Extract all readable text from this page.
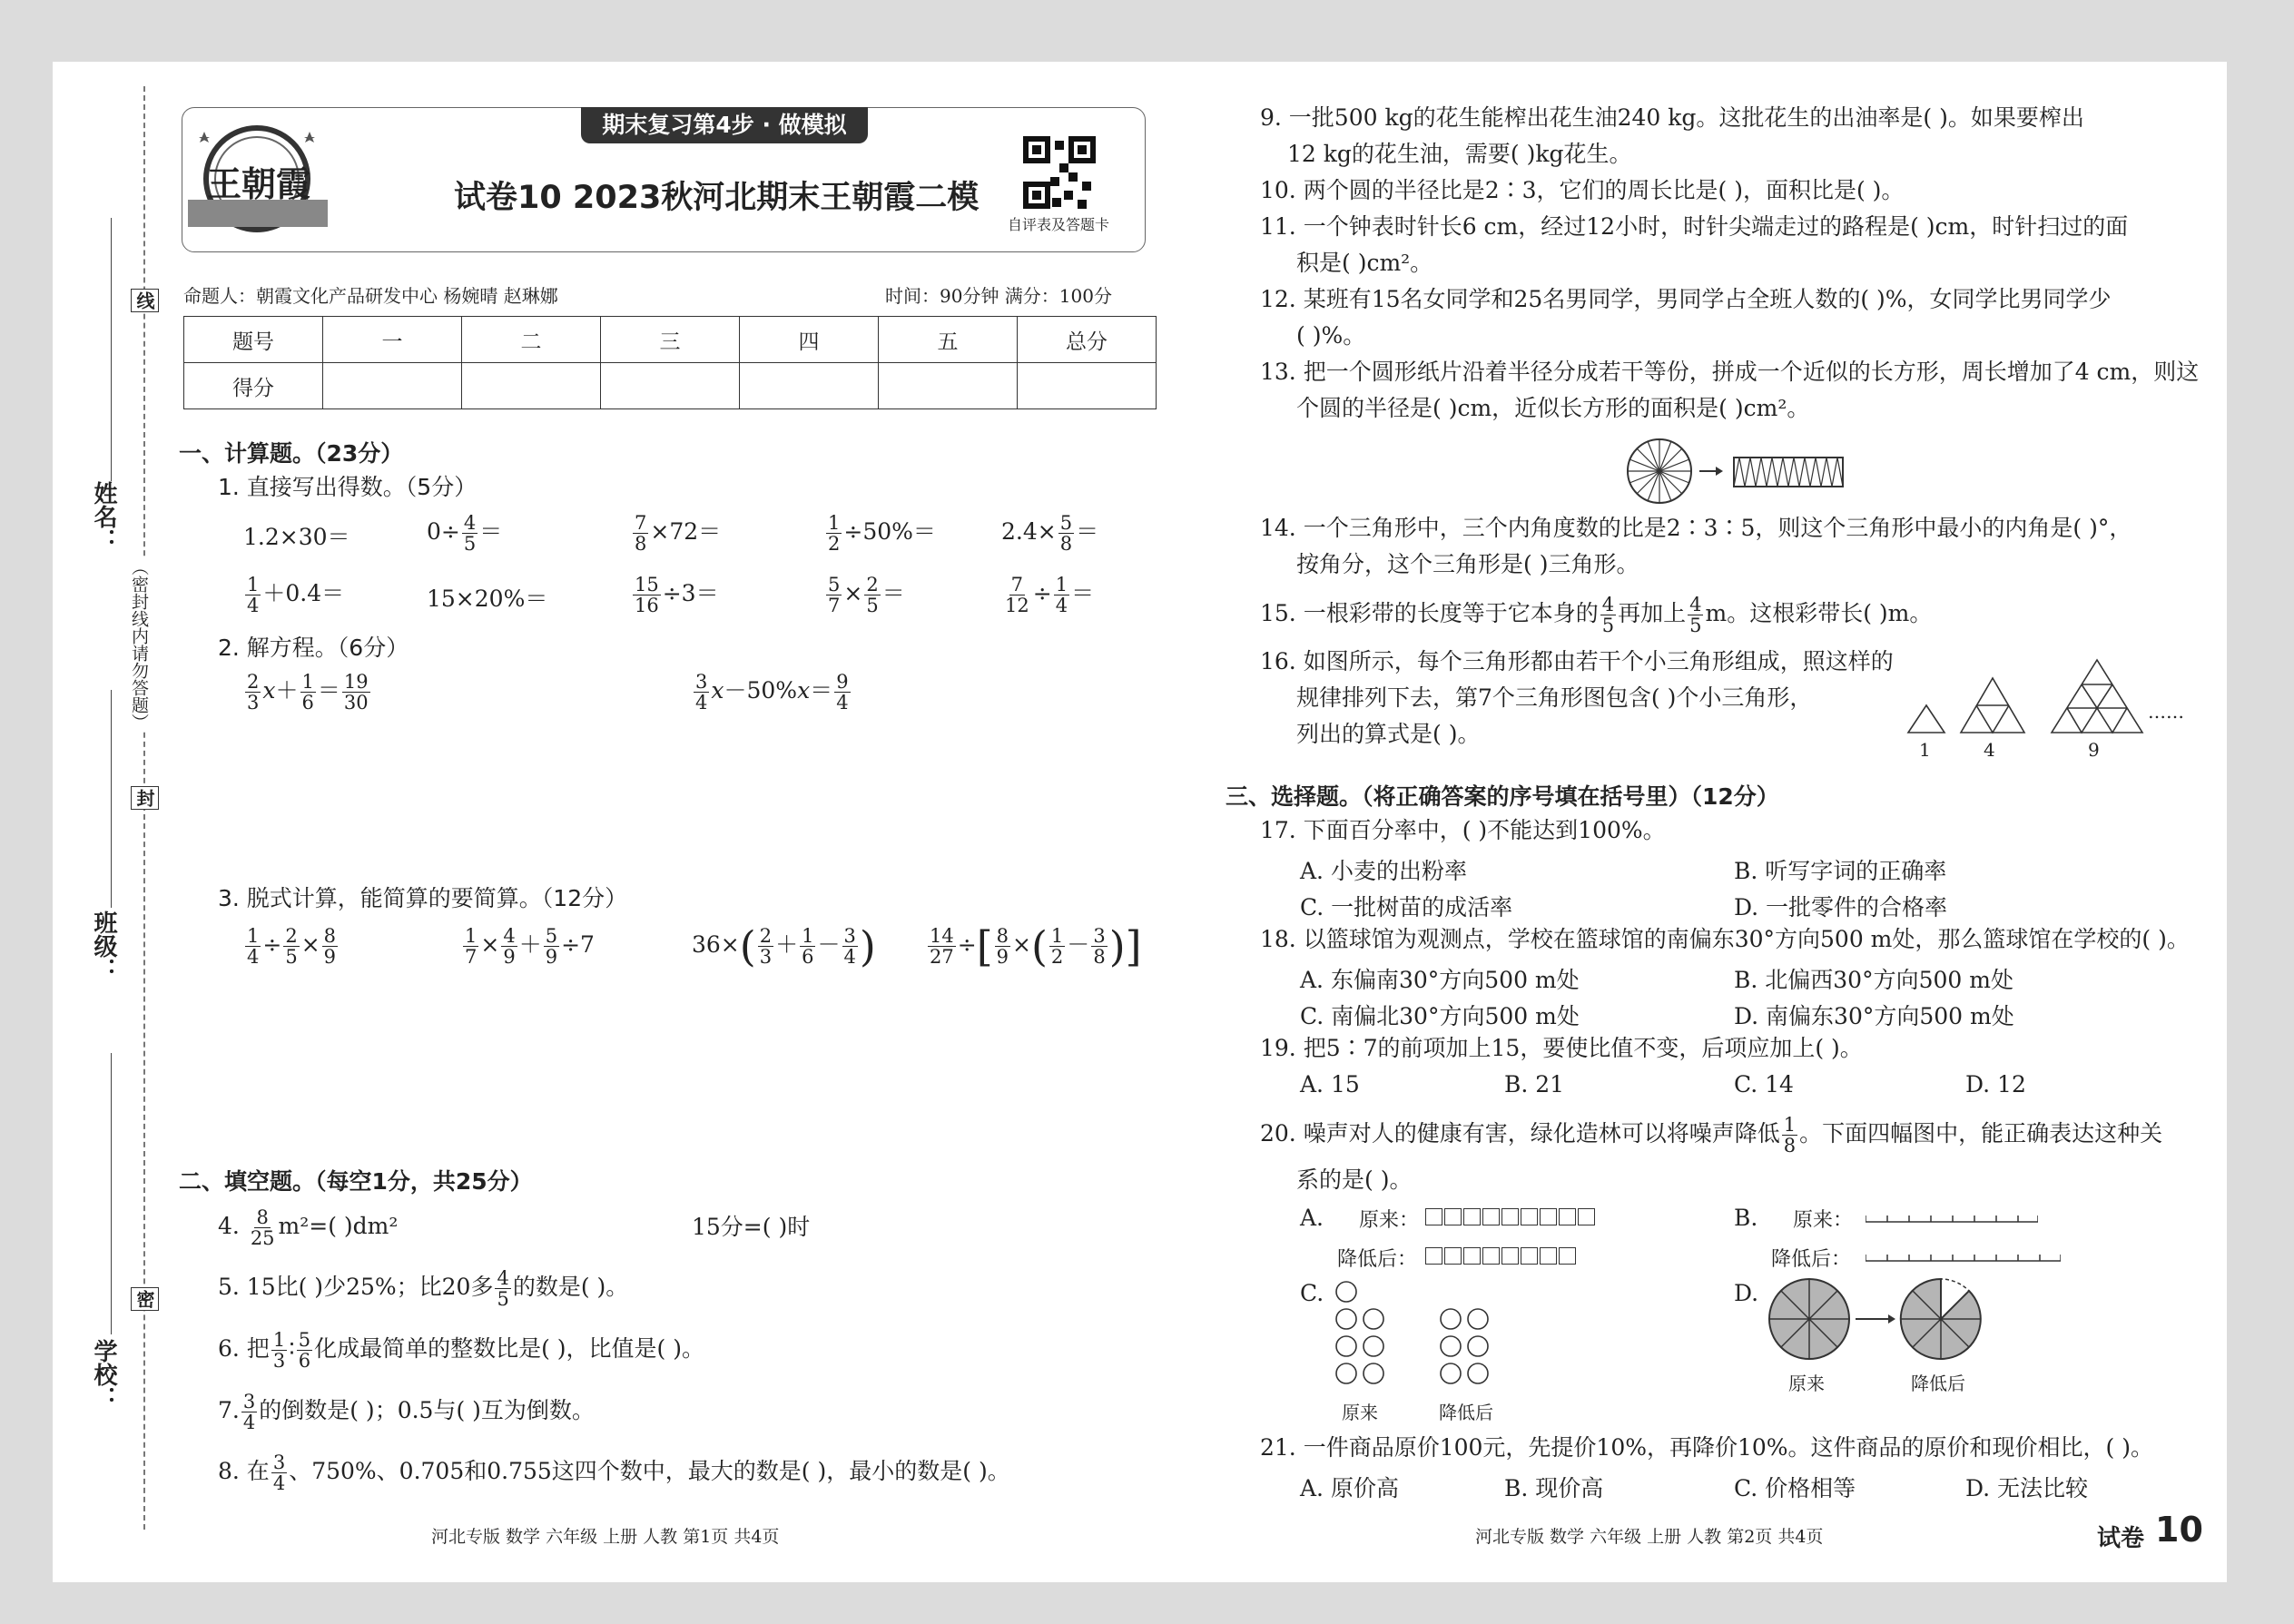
线
封
密
（密封线内请勿答题）
姓名：
班级：
学校：
期末复习第4步 · 做模拟
王朝霞	试卷10 2023秋河北期末王朝霞二模
自评表及答题卡
命题人：朝霞文化产品研发中心 杨婉晴 赵琳娜	时间：90分钟 满分：100分
题号	一	二	三	四	五	总分
得分						
一、计算题。（23分）
1. 直接写出得数。（5分）
1.2×30＝	$0\div \frac{4}{5}$ ＝	$\frac{7}{8} \times 72=$	$\frac{1}{2} \div 50\%=$	$2.4\times \frac{5}{8}$ ＝
$\frac{1}{4} +0.4=$	15×20%＝	$\frac{15}{16} \div 3=$	$\frac{5}{7} \times \frac{2}{5}$ ＝	$\frac{7}{12} \div \frac{1}{4}$ ＝
2. 解方程。（6分）
$\frac{2}{3} x+ \frac{1}{6} = \frac{19}{30}$	$\frac{3}{4} x-50\%x= \frac{9}{4}$
3. 脱式计算，能简算的要简算。（12分）
$\frac{1}{4} \div \frac{2}{5} \times \frac{8}{9}$	$\frac{1}{7} \times \frac{4}{9} + \frac{5}{9} \div 7$	$36\times( \frac{2}{3} + \frac{1}{6} - \frac{3}{4}$ )	$\frac{14}{27}$ ÷[ $\frac{8}{9}$ ×( $\frac{1}{2} - \frac{3}{8}$ )]
二、填空题。（每空1分，共25分）
4. $\frac{8}{25} m^2=$( )dm²	15分=( )时
5. 15比( )少25%；比20多 $\frac{4}{5}$ 的数是( )。
6. 把 $\frac{1}{3}$ ∶ $\frac{5}{6}$ 化成最简单的整数比是( )，比值是( )。
7. $\frac{3}{4}$ 的倒数是( )；0.5与( )互为倒数。
8. 在 $\frac{3}{4}$ 、750%、0.705和0.755这四个数中，最大的数是( )，最小的数是( )。
河北专版 数学 六年级 上册 人教 第1页 共4页
9. 一批500 kg的花生能榨出花生油240 kg。这批花生的出油率是( )。如果要榨出
12 kg的花生油，需要( )kg花生。
10. 两个圆的半径比是2∶3，它们的周长比是( )，面积比是( )。
11. 一个钟表时针长6 cm，经过12小时，时针尖端走过的路程是( )cm，时针扫过的面
积是( )cm²。
12. 某班有15名女同学和25名男同学，男同学占全班人数的( )%，女同学比男同学少
( )%。
13. 把一个圆形纸片沿着半径分成若干等份，拼成一个近似的长方形，周长增加了4 cm，则这
个圆的半径是( )cm，近似长方形的面积是( )cm²。
14. 一个三角形中，三个内角度数的比是2∶3∶5，则这个三角形中最小的内角是( )°，
按角分，这个三角形是( )三角形。
15. 一根彩带的长度等于它本身的 $\frac{4}{5}$ 再加上 $\frac{4}{5}$ m。这根彩带长( )m。
16. 如图所示，每个三角形都由若干个小三角形组成，照这样的
规律排列下去，第7个三角形图包含( )个小三角形，
列出的算式是( )。
1	4	9
……
三、选择题。（将正确答案的序号填在括号里）（12分）
17. 下面百分率中，( )不能达到100%。
A. 小麦的出粉率	B. 听写字词的正确率
C. 一批树苗的成活率	D. 一批零件的合格率
18. 以篮球馆为观测点，学校在篮球馆的南偏东30°方向500 m处，那么篮球馆在学校的( )。
A. 东偏南30°方向500 m处	B. 北偏西30°方向500 m处
C. 南偏北30°方向500 m处	D. 南偏东30°方向500 m处
19. 把5∶7的前项加上15，要使比值不变，后项应加上( )。
A. 15	B. 21	C. 14	D. 12
20. 噪声对人的健康有害，绿化造林可以将噪声降低 $\frac{1}{8}$ 。下面四幅图中，能正确表达这种关
系的是( )。
A. 原来：
降低后：
B. 原来：
降低后：
C.
原来	降低后
D.
原来	降低后
21. 一件商品原价100元，先提价10%，再降价10%。这件商品的原价和现价相比，( )。
A. 原价高	B. 现价高	C. 价格相等	D. 无法比较
河北专版 数学 六年级 上册 人教 第2页 共4页	试卷 10
